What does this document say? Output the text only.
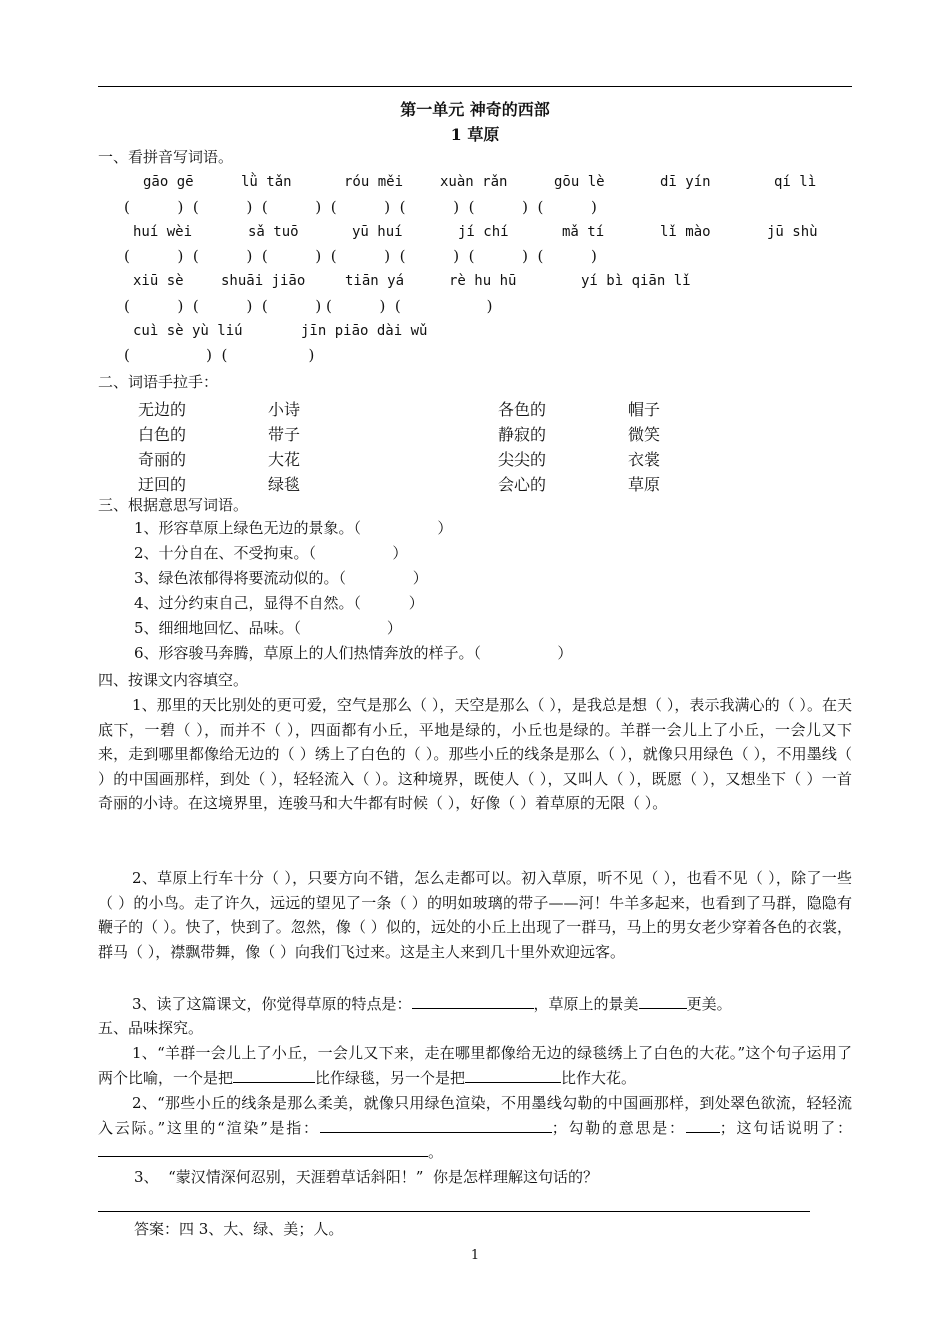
第一单元 神奇的西部
1 草原
一、看拼音写词语。
gāo gē	lǜ tǎn	róu měi	xuàn rǎn	gōu lè	dī yín	qí lì
(          )  (          )  (          )  (          )  (          )  (          )  (          )
huí wèi	sǎ tuō	yū huí	jí chí	mǎ tí	lǐ mào	jū shù
(          )  (          )  (          )  (          )  (          )  (          )  (          )
xiū sè	shuāi jiāo	tiān yá	rè hu hū	yí bì qiān lǐ
(          )  (          )  (          ) (          )  (                  )
cuì sè yù liú	jīn piāo dài wǔ
(                )  (                 )
二、词语手拉手：
无边的	小诗	各色的	帽子
白色的	带子	静寂的	微笑
奇丽的	大花	尖尖的	衣裳
迂回的	绿毯	会心的	草原
三、根据意思写词语。
1、形容草原上绿色无边的景象。（                ）
2、十分自在、不受拘束。（                ）
3、绿色浓郁得将要流动似的。（              ）
4、过分约束自己，显得不自然。（          ）
5、细细地回忆、品味。（                  ）
6、形容骏马奔腾，草原上的人们热情奔放的样子。（                ）
四、按课文内容填空。
1、那里的天比别处的更可爱，空气是那么（ ），天空是那么（ ），是我总是想（ ），表示我满心的（ ）。在天底下，一碧（ ），而并不（ ），四面都有小丘，平地是绿的，小丘也是绿的。羊群一会儿上了小丘，一会儿又下来，走到哪里都像给无边的（ ）绣上了白色的（ ）。那些小丘的线条是那么（ ），就像只用绿色（ ），不用墨线（ ）的中国画那样，到处（ ），轻轻流入（ ）。这种境界，既使人（ ），又叫人（ ），既愿（ ），又想坐下（ ）一首奇丽的小诗。在这境界里，连骏马和大牛都有时候（ ），好像（ ）着草原的无限（ ）。
2、草原上行车十分（ ），只要方向不错，怎么走都可以。初入草原，听不见（ ），也看不见（ ），除了一些（ ）的小鸟。走了许久，远远的望见了一条（ ）的明如玻璃的带子——河！牛羊多起来，也看到了马群，隐隐有鞭子的（ ）。快了，快到了。忽然，像（ ）似的，远处的小丘上出现了一群马，马上的男女老少穿着各色的衣裳，群马（ ），襟飘带舞，像（ ）向我们飞过来。这是主人来到几十里外欢迎远客。
3、读了这篇课文，你觉得草原的特点是：	，草原上的景美	更美。
五、品味探究。
1、“羊群一会儿上了小丘，一会儿又下来，走在哪里都像给无边的绿毯绣上了白色的大花。”这个句子运用了两个比喻，一个是把	比作绿毯，另一个是把	比作大花。
2、“那些小丘的线条是那么柔美，就像只用绿色渲染，不用墨线勾勒的中国画那样，到处翠色欲流，轻轻流入云际。”这里的“渲染”是指：	；勾勒的意思是： ；这句话说明了：。
3、  “蒙汉情深何忍别，天涯碧草话斜阳！”  你是怎样理解这句话的？
答案：四 3、大、绿、美；人。
1
